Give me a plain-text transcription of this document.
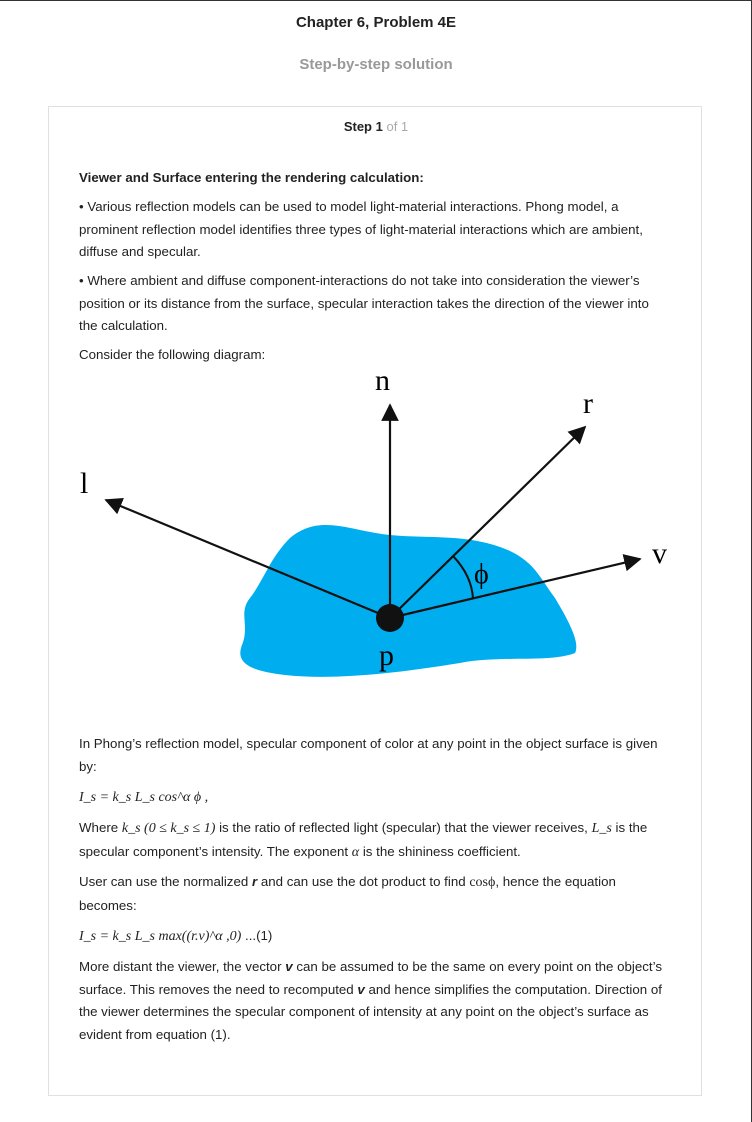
Chapter 6, Problem 4E
Step-by-step solution
Step 1 of 1

Viewer and Surface entering the rendering calculation:

• Various reflection models can be used to model light-material interactions. Phong model, a prominent reflection model identifies three types of light-material interactions which are ambient, diffuse and specular.

• Where ambient and diffuse component-interactions do not take into consideration the viewer’s position or its distance from the surface, specular interaction takes the direction of the viewer into the calculation.

Consider the following diagram:

n
r
l
v
ϕ
p

In Phong’s reflection model, specular component of color at any point in the object surface is given by:

I_s = k_s L_s cos^α ϕ ,

Where k_s (0 ≤ k_s ≤ 1) is the ratio of reflected light (specular) that the viewer receives, L_s is the specular component’s intensity. The exponent α is the shininess coefficient.

User can use the normalized r and can use the dot product to find cosϕ, hence the equation becomes:

I_s = k_s L_s max((r.v)^α ,0) ...(1)

More distant the viewer, the vector v can be assumed to be the same on every point on the object’s surface. This removes the need to recomputed v and hence simplifies the computation. Direction of the viewer determines the specular component of intensity at any point on the object’s surface as evident from equation (1).
